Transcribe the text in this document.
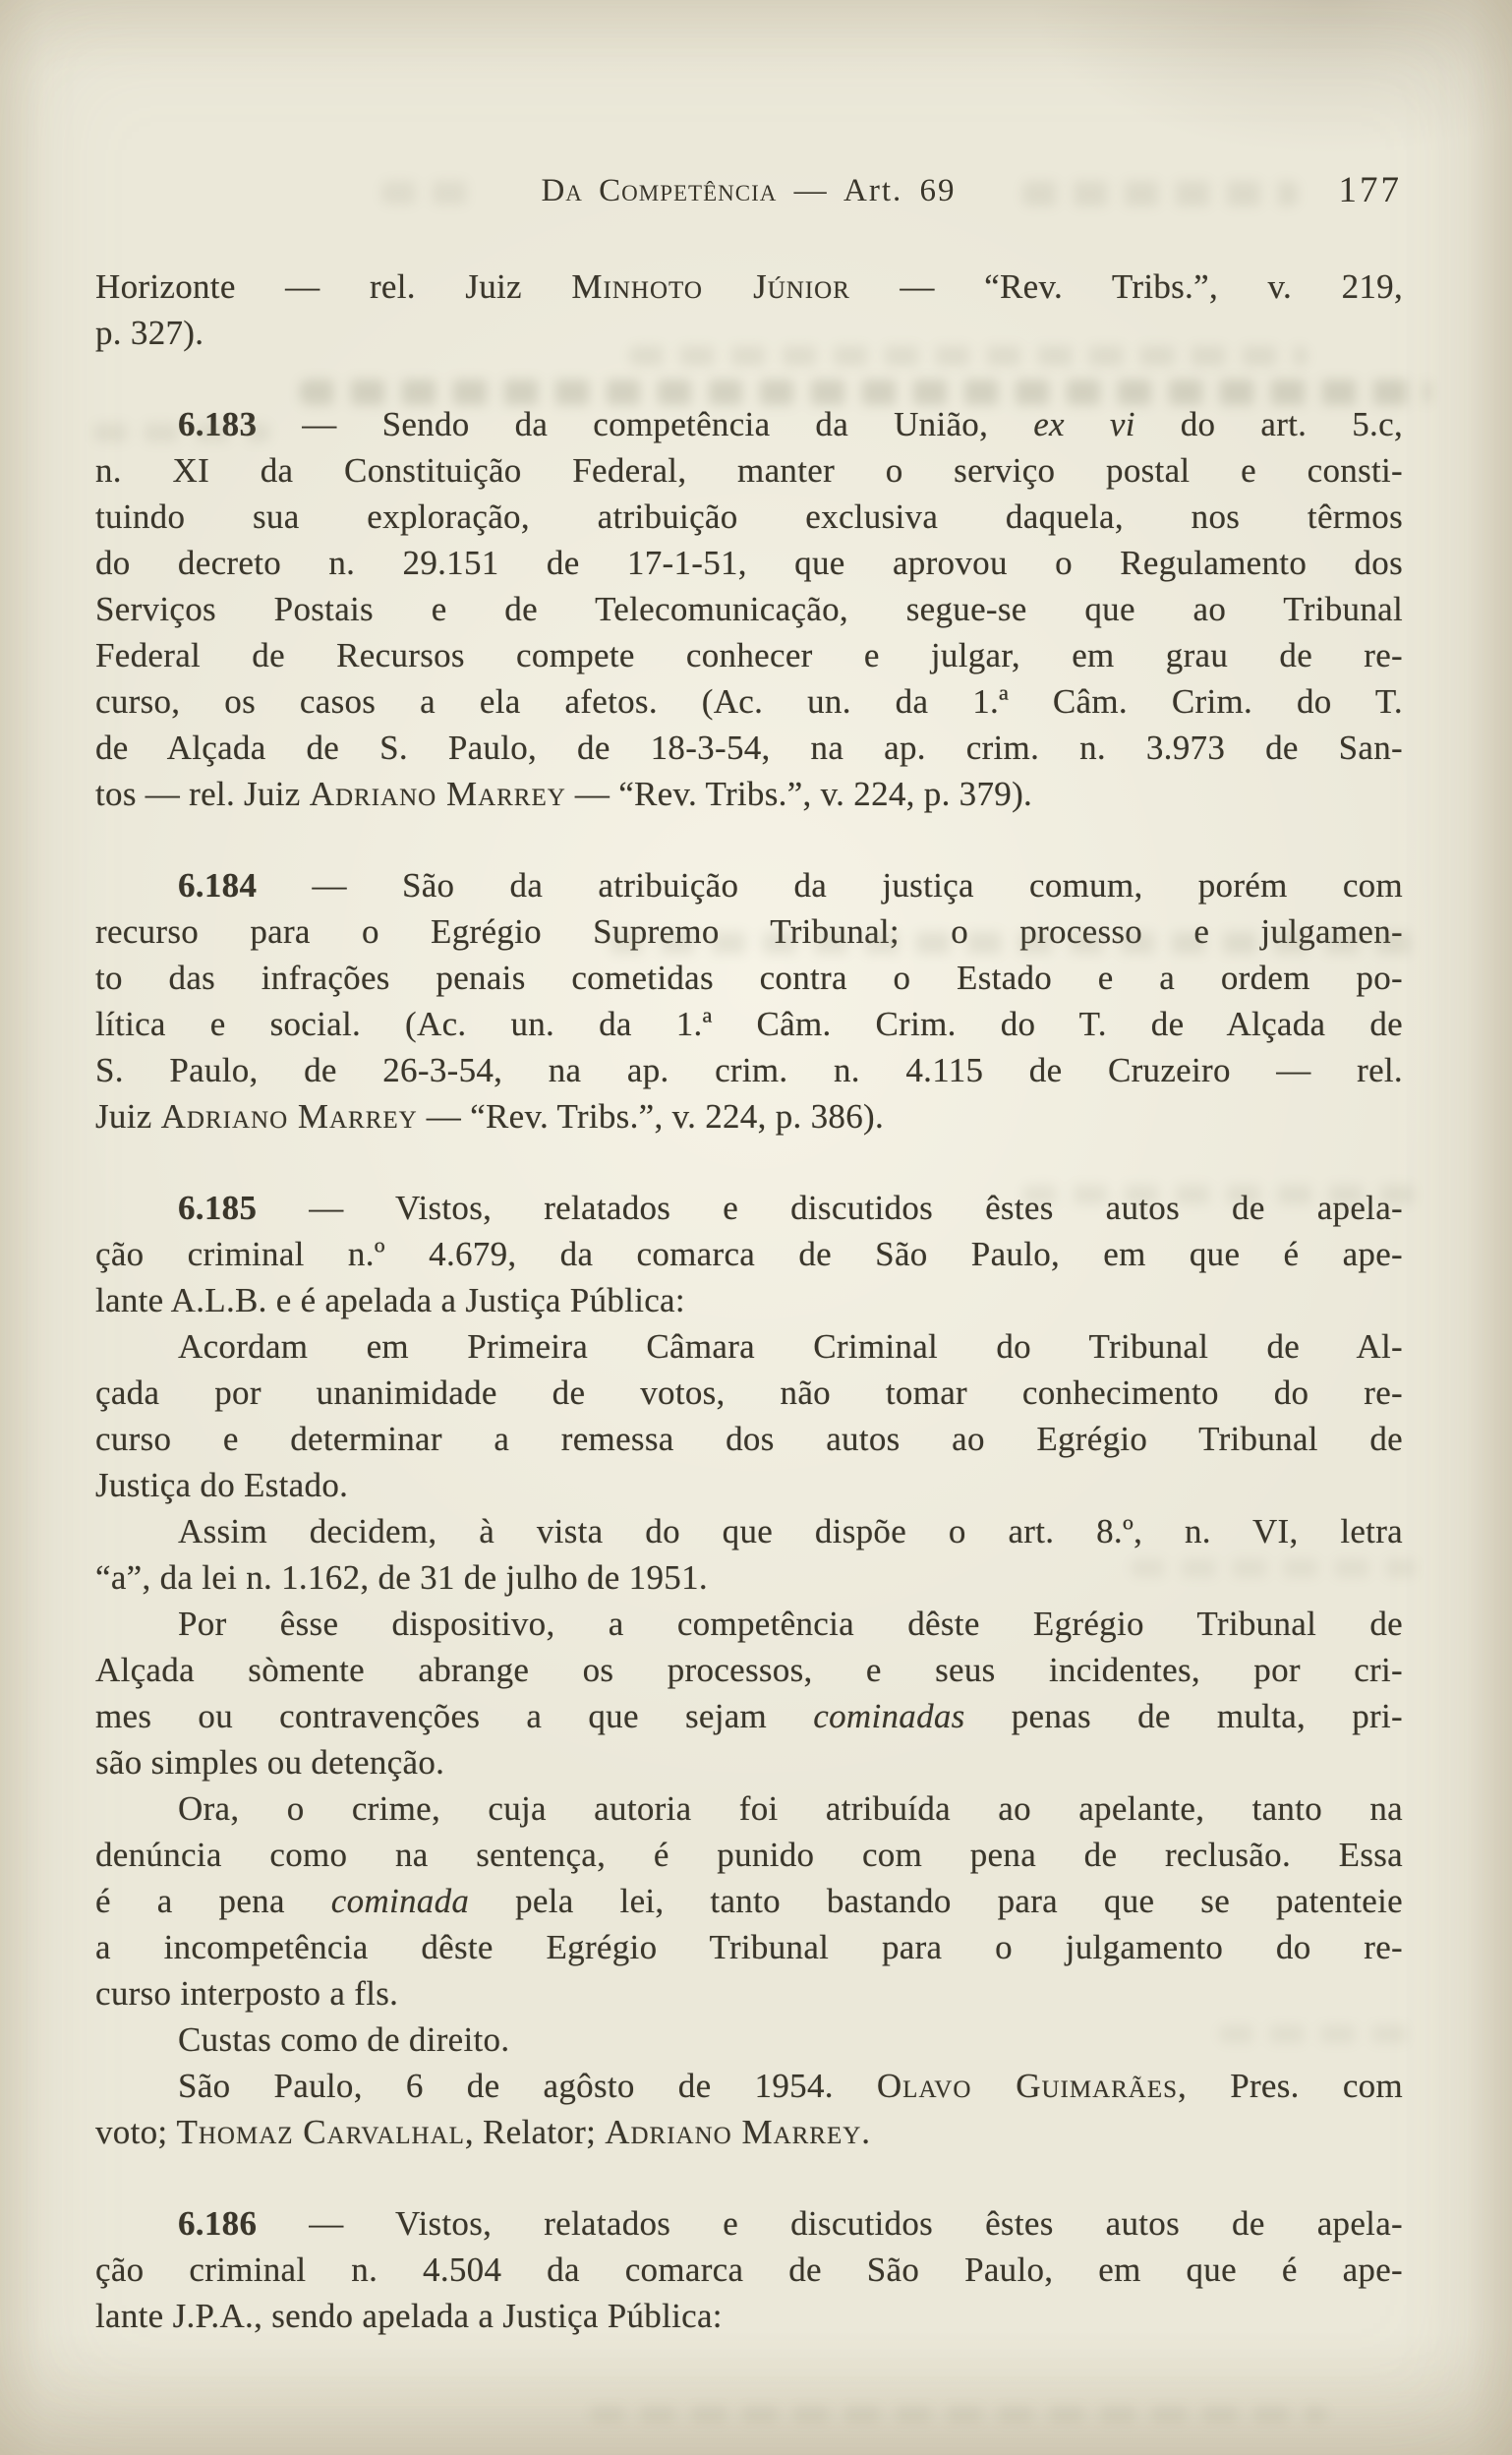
Da Competência — Art. 69	177
Horizonte — rel. Juiz Minhoto Júnior — “Rev. Tribs.”, v. 219,
p. 327).
6.183 — Sendo da competência da União, ex vi do art. 5.c,
n. XI da Constituição Federal, manter o serviço postal e consti-
tuindo sua exploração, atribuição exclusiva daquela, nos têrmos
do decreto n. 29.151 de 17-1-51, que aprovou o Regulamento dos
Serviços Postais e de Telecomunicação, segue-se que ao Tribunal
Federal de Recursos compete conhecer e julgar, em grau de re-
curso, os casos a ela afetos. (Ac. un. da 1.ª Câm. Crim. do T.
de Alçada de S. Paulo, de 18-3-54, na ap. crim. n. 3.973 de San-
tos — rel. Juiz Adriano Marrey — “Rev. Tribs.”, v. 224, p. 379).
6.184 — São da atribuição da justiça comum, porém com
recurso para o Egrégio Supremo Tribunal; o processo e julgamen-
to das infrações penais cometidas contra o Estado e a ordem po-
lítica e social. (Ac. un. da 1.ª Câm. Crim. do T. de Alçada de
S. Paulo, de 26-3-54, na ap. crim. n. 4.115 de Cruzeiro — rel.
Juiz Adriano Marrey — “Rev. Tribs.”, v. 224, p. 386).
6.185 — Vistos, relatados e discutidos êstes autos de apela-
ção criminal n.º 4.679, da comarca de São Paulo, em que é ape-
lante A.L.B. e é apelada a Justiça Pública:
Acordam em Primeira Câmara Criminal do Tribunal de Al-
çada por unanimidade de votos, não tomar conhecimento do re-
curso e determinar a remessa dos autos ao Egrégio Tribunal de
Justiça do Estado.
Assim decidem, à vista do que dispõe o art. 8.º, n. VI, letra
“a”, da lei n. 1.162, de 31 de julho de 1951.
Por êsse dispositivo, a competência dêste Egrégio Tribunal de
Alçada sòmente abrange os processos, e seus incidentes, por cri-
mes ou contravenções a que sejam cominadas penas de multa, pri-
são simples ou detenção.
Ora, o crime, cuja autoria foi atribuída ao apelante, tanto na
denúncia como na sentença, é punido com pena de reclusão. Essa
é a pena cominada pela lei, tanto bastando para que se patenteie
a incompetência dêste Egrégio Tribunal para o julgamento do re-
curso interposto a fls.
Custas como de direito.
São Paulo, 6 de agôsto de 1954. Olavo Guimarães, Pres. com
voto; Thomaz Carvalhal, Relator; Adriano Marrey.
6.186 — Vistos, relatados e discutidos êstes autos de apela-
ção criminal n. 4.504 da comarca de São Paulo, em que é ape-
lante J.P.A., sendo apelada a Justiça Pública:
